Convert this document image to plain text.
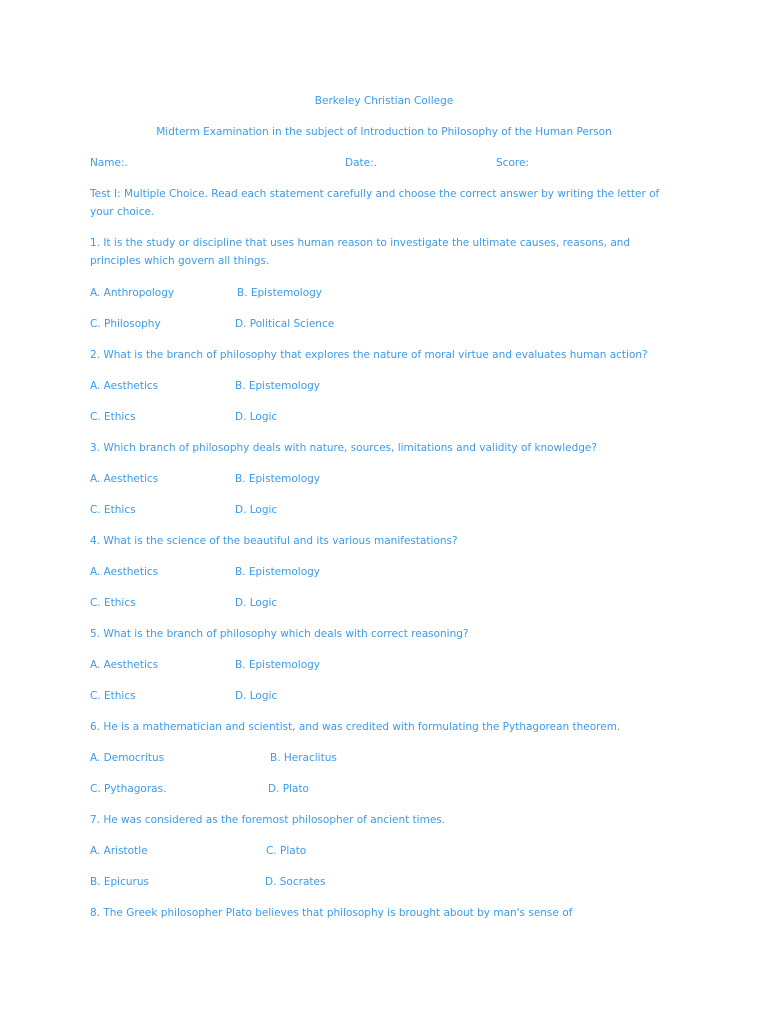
Berkeley Christian College
Midterm Examination in the subject of Introduction to Philosophy of the Human Person
Name:.	Date:.	Score:
Test I: Multiple Choice. Read each statement carefully and choose the correct answer by writing the letter of your choice.
1. It is the study or discipline that uses human reason to investigate the ultimate causes, reasons, and principles which govern all things.
A. Anthropology	B. Epistemology
C. Philosophy	D. Political Science
2. What is the branch of philosophy that explores the nature of moral virtue and evaluates human action?
A. Aesthetics	B. Epistemology
C. Ethics	D. Logic
3. Which branch of philosophy deals with nature, sources, limitations and validity of knowledge?
A. Aesthetics	B. Epistemology
C. Ethics	D. Logic
4. What is the science of the beautiful and its various manifestations?
A. Aesthetics	B. Epistemology
C. Ethics	D. Logic
5. What is the branch of philosophy which deals with correct reasoning?
A. Aesthetics	B. Epistemology
C. Ethics	D. Logic
6. He is a mathematician and scientist, and was credited with formulating the Pythagorean theorem.
A. Democritus	B. Heraclitus
C. Pythagoras.	D. Plato
7. He was considered as the foremost philosopher of ancient times.
A. Aristotle	C. Plato
B. Epicurus	D. Socrates
8. The Greek philosopher Plato believes that philosophy is brought about by man's sense of
